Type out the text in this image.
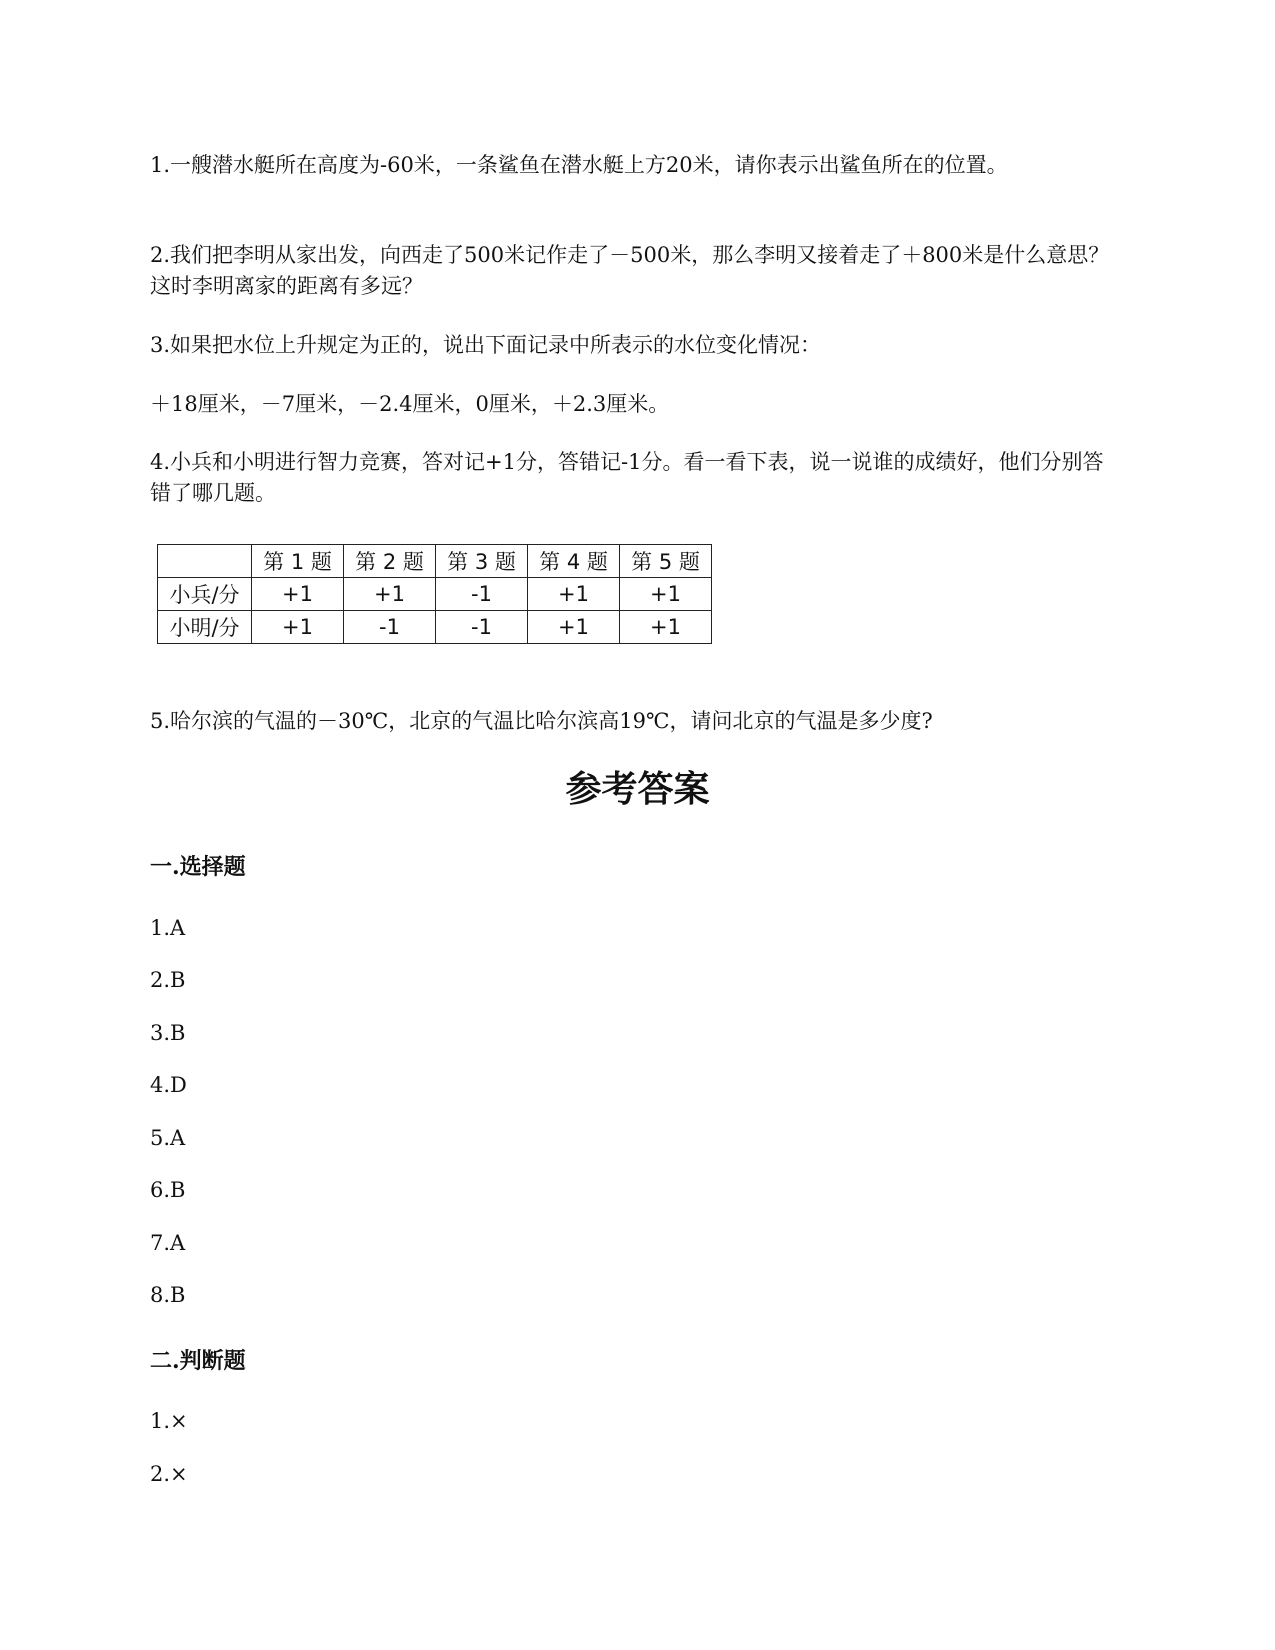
1.一艘潜水艇所在高度为-60米，一条鲨鱼在潜水艇上方20米，请你表示出鲨鱼所在的位置。

2.我们把李明从家出发，向西走了500米记作走了－500米，那么李明又接着走了＋800米是什么意思？这时李明离家的距离有多远？

3.如果把水位上升规定为正的，说出下面记录中所表示的水位变化情况：

＋18厘米，－7厘米，－2.4厘米，0厘米，＋2.3厘米。

4.小兵和小明进行智力竞赛，答对记+1分，答错记-1分。看一看下表，说一说谁的成绩好，他们分别答错了哪几题。

	第 1 题	第 2 题	第 3 题	第 4 题	第 5 题
小兵/分	+1	+1	-1	+1	+1
小明/分	+1	-1	-1	+1	+1

5.哈尔滨的气温的－30℃，北京的气温比哈尔滨高19℃，请问北京的气温是多少度?

参考答案
一.选择题

1.A

2.B

3.B

4.D

5.A

6.B

7.A

8.B

二.判断题

1.×

2.×
